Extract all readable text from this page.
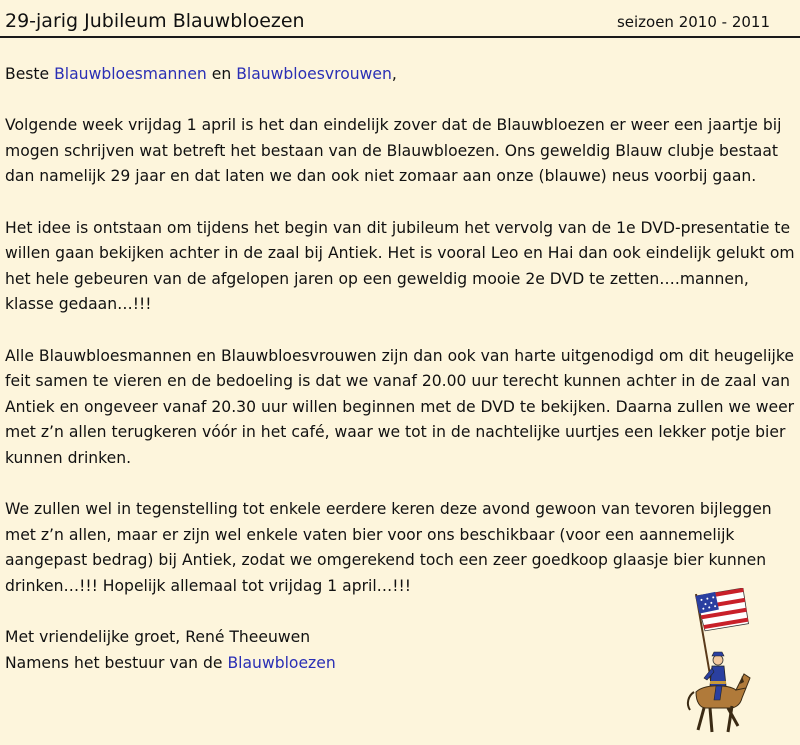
29-jarig Jubileum Blauwbloezen	seizoen 2010 - 2011

Beste Blauwbloesmannen en Blauwbloesvrouwen,

Volgende week vrijdag 1 april is het dan eindelijk zover dat de Blauwbloezen er weer een jaartje bij mogen schrijven wat betreft het bestaan van de Blauwbloezen. Ons geweldig Blauw clubje bestaat dan namelijk 29 jaar en dat laten we dan ook niet zomaar aan onze (blauwe) neus voorbij gaan.

Het idee is ontstaan om tijdens het begin van dit jubileum het vervolg van de 1e DVD-presentatie te willen gaan bekijken achter in de zaal bij Antiek. Het is vooral Leo en Hai dan ook eindelijk gelukt om het hele gebeuren van de afgelopen jaren op een geweldig mooie 2e DVD te zetten….mannen, klasse gedaan…!!!

Alle Blauwbloesmannen en Blauwbloesvrouwen zijn dan ook van harte uitgenodigd om dit heugelijke feit samen te vieren en de bedoeling is dat we vanaf 20.00 uur terecht kunnen achter in de zaal van Antiek en ongeveer vanaf 20.30 uur willen beginnen met de DVD te bekijken. Daarna zullen we weer met z’n allen terugkeren vóór in het café, waar we tot in de nachtelijke uurtjes een lekker potje bier kunnen drinken.

We zullen wel in tegenstelling tot enkele eerdere keren deze avond gewoon van tevoren bijleggen met z’n allen, maar er zijn wel enkele vaten bier voor ons beschikbaar (voor een aannemelijk aangepast bedrag) bij Antiek, zodat we omgerekend toch een zeer goedkoop glaasje bier kunnen drinken…!!! Hopelijk allemaal tot vrijdag 1 april…!!!

Met vriendelijke groet, René Theeuwen

Namens het bestuur van de Blauwbloezen
